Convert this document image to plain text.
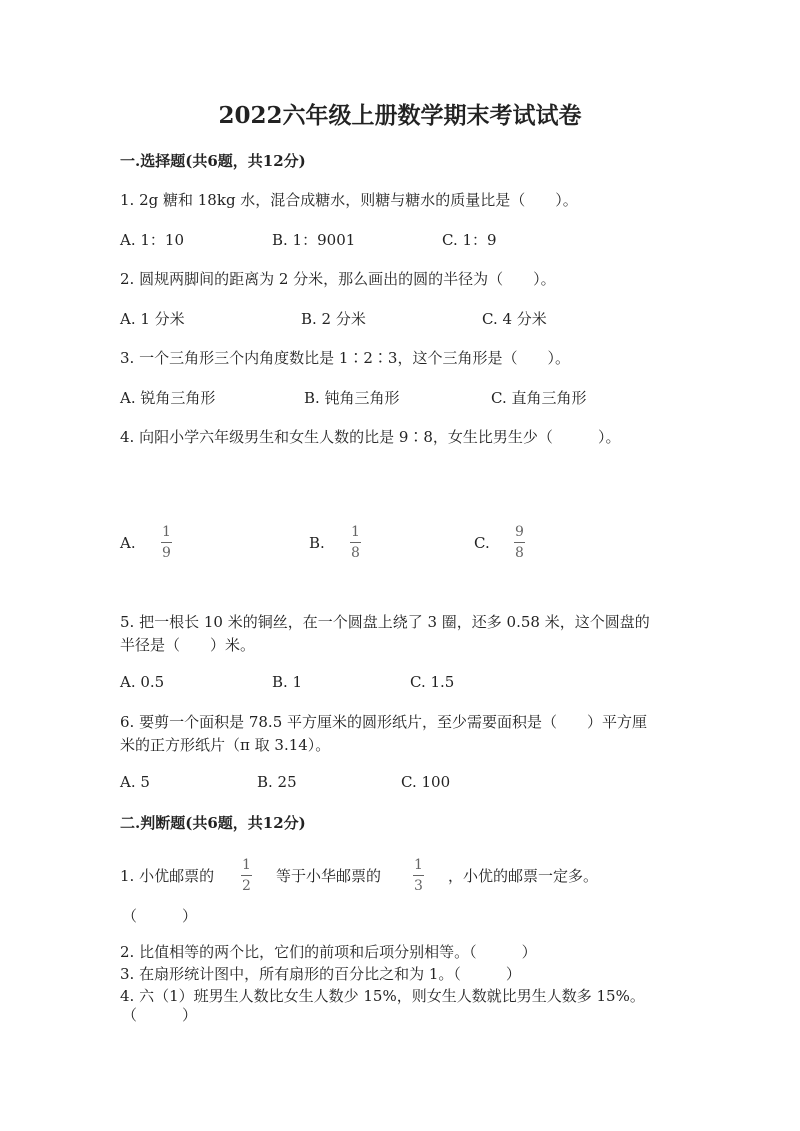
2022六年级上册数学期末考试试卷
一.选择题(共6题，共12分)
1. 2g 糖和 18kg 水，混合成糖水，则糖与糖水的质量比是（　　）。
A. 1：10	B. 1：9001	C. 1：9
2. 圆规两脚间的距离为 2 分米，那么画出的圆的半径为（　　）。
A. 1 分米	B. 2 分米	C. 4 分米
3. 一个三角形三个内角度数比是 1∶2∶3，这个三角形是（　　）。
A. 锐角三角形	B. 钝角三角形	C. 直角三角形
4. 向阳小学六年级男生和女生人数的比是 9∶8，女生比男生少（　　　）。
A.
1
9
B.
1
8
C.
9
8
5. 把一根长 10 米的铜丝，在一个圆盘上绕了 3 圈，还多 0.58 米，这个圆盘的
半径是（　　）米。
A. 0.5	B. 1	C. 1.5
6. 要剪一个面积是 78.5 平方厘米的圆形纸片，至少需要面积是（　　）平方厘
米的正方形纸片（π 取 3.14）。
A. 5	B. 25	C. 100
二.判断题(共6题，共12分)
1. 小优邮票的
1
2
等于小华邮票的
1
3
，小优的邮票一定多。
（　　　）
2. 比值相等的两个比，它们的前项和后项分别相等。（　　　）
3. 在扇形统计图中，所有扇形的百分比之和为 1。（　　　）
4. 六（1）班男生人数比女生人数少 15%，则女生人数就比男生人数多 15%。
（　　　）
